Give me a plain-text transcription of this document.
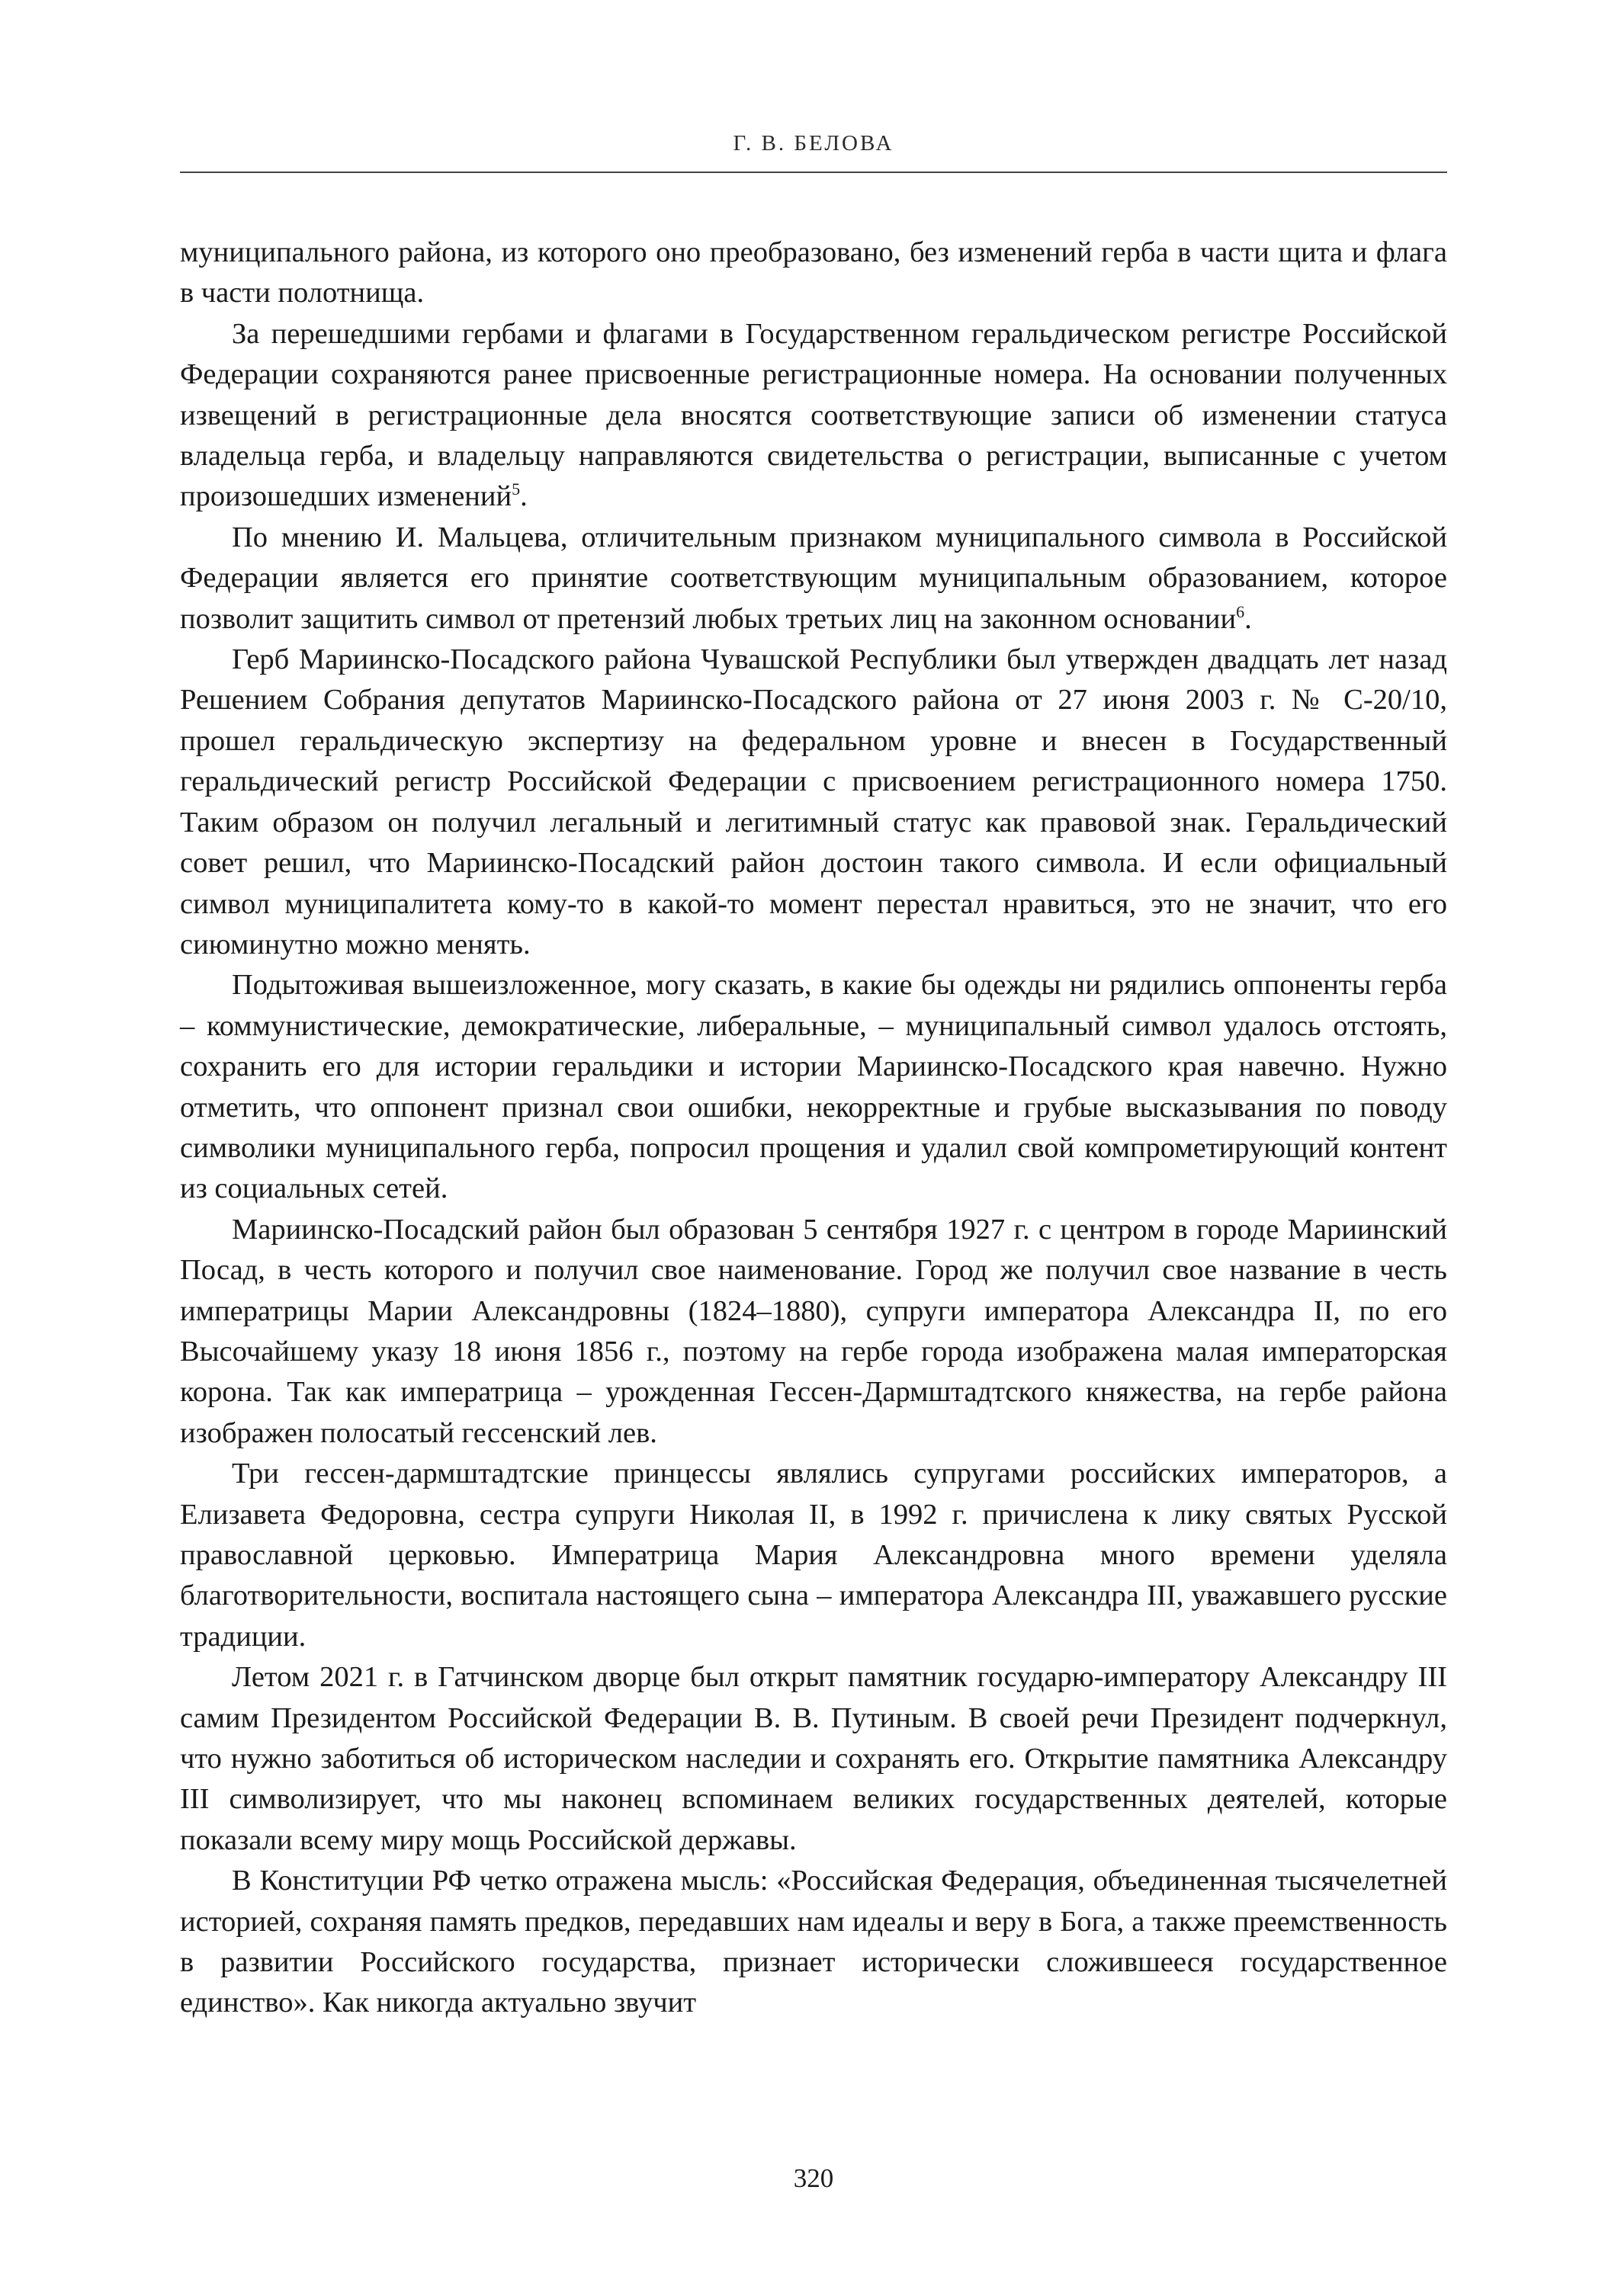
Г. В. БЕЛОВА

муниципального района, из которого оно преобразовано, без изменений герба в части щита и флага в части полотнища.

За перешедшими гербами и флагами в Государственном геральдическом регистре Российской Федерации сохраняются ранее присвоенные регистрационные номера. На основании полученных извещений в регистрационные дела вносятся соответствующие записи об изменении статуса владельца герба, и владельцу направляются свидетельства о регистрации, выписанные с учетом произошедших изменений$^5$.

По мнению И. Мальцева, отличительным признаком муниципального символа в Российской Федерации является его принятие соответствующим муниципальным образованием, которое позволит защитить символ от претензий любых третьих лиц на законном основании$^6$.

Герб Мариинско-Посадского района Чувашской Республики был утвержден двадцать лет назад Решением Собрания депутатов Мариинско-Посадского района от 27 июня 2003 г. № С-20/10, прошел геральдическую экспертизу на федеральном уровне и внесен в Государственный геральдический регистр Российской Федерации с присвоением регистрационного номера 1750. Таким образом он получил легальный и легитимный статус как правовой знак. Геральдический совет решил, что Мариинско-Посадский район достоин такого символа. И если официальный символ муниципалитета кому-то в какой-то момент перестал нравиться, это не значит, что его сиюминутно можно менять.

Подытоживая вышеизложенное, могу сказать, в какие бы одежды ни рядились оппоненты герба – коммунистические, демократические, либеральные, – муниципальный символ удалось отстоять, сохранить его для истории геральдики и истории Мариинско-Посадского края навечно. Нужно отметить, что оппонент признал свои ошибки, некорректные и грубые высказывания по поводу символики муниципального герба, попросил прощения и удалил свой компрометирующий контент из социальных сетей.

Мариинско-Посадский район был образован 5 сентября 1927 г. с центром в городе Мариинский Посад, в честь которого и получил свое наименование. Город же получил свое название в честь императрицы Марии Александровны (1824–1880), супруги императора Александра II, по его Высочайшему указу 18 июня 1856 г., поэтому на гербе города изображена малая императорская корона. Так как императрица – урожденная Гессен-Дармштадтского княжества, на гербе района изображен полосатый гессенский лев.

Три гессен-дармштадтские принцессы являлись супругами российских императоров, а Елизавета Федоровна, сестра супруги Николая II, в 1992 г. причислена к лику святых Русской православной церковью. Императрица Мария Александровна много времени уделяла благотворительности, воспитала настоящего сына – императора Александра III, уважавшего русские традиции.

Летом 2021 г. в Гатчинском дворце был открыт памятник государю-императору Александру III самим Президентом Российской Федерации В. В. Путиным. В своей речи Президент подчеркнул, что нужно заботиться об историческом наследии и сохранять его. Открытие памятника Александру III символизирует, что мы наконец вспоминаем великих государственных деятелей, которые показали всему миру мощь Российской державы.

В Конституции РФ четко отражена мысль: «Российская Федерация, объединенная тысячелетней историей, сохраняя память предков, передавших нам идеалы и веру в Бога, а также преемственность в развитии Российского государства, признает исторически сложившееся государственное единство». Как никогда актуально звучит

320
